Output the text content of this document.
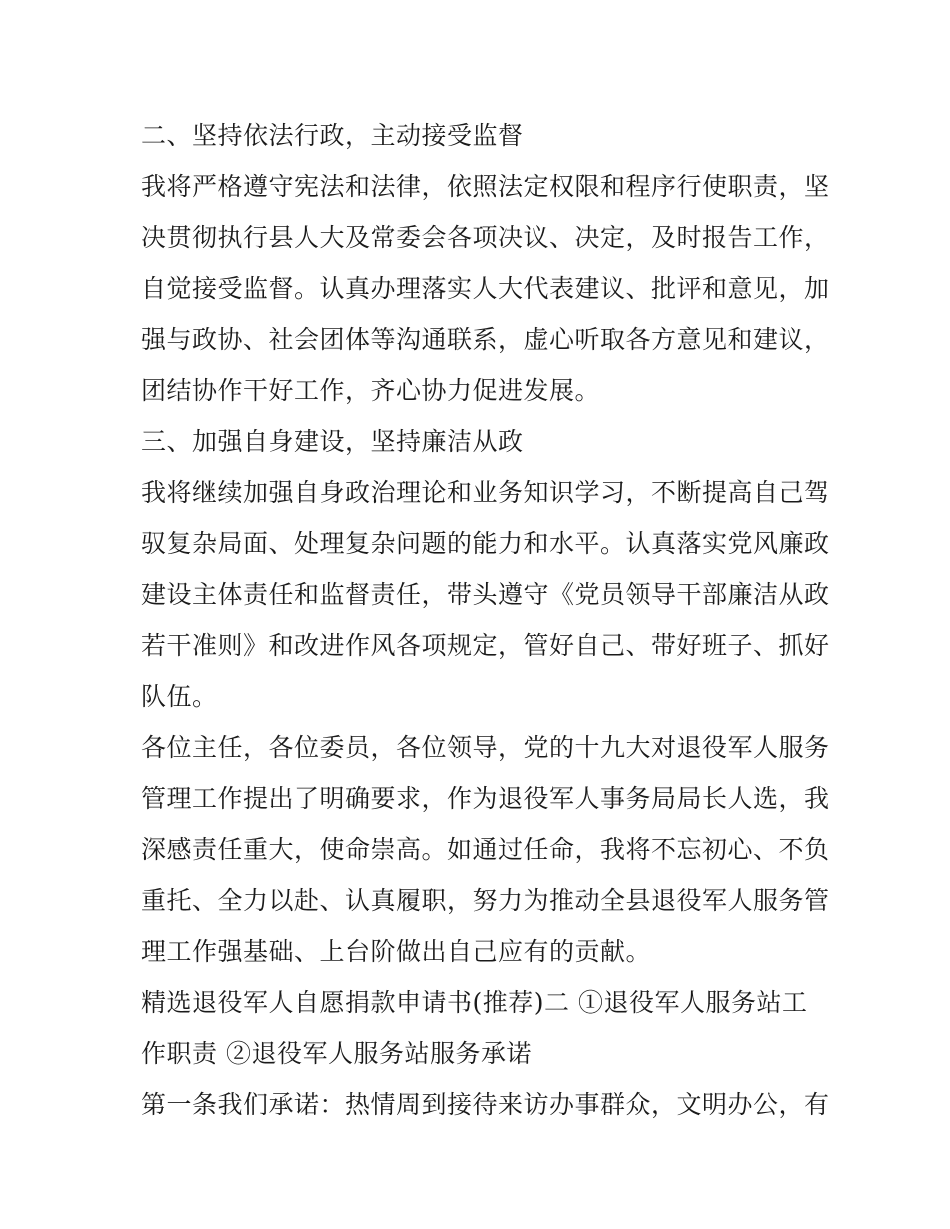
二、坚持依法行政，主动接受监督
我将严格遵守宪法和法律，依照法定权限和程序行使职责，坚
决贯彻执行县人大及常委会各项决议、决定，及时报告工作，
自觉接受监督。认真办理落实人大代表建议、批评和意见，加
强与政协、社会团体等沟通联系，虚心听取各方意见和建议，
团结协作干好工作，齐心协力促进发展。
三、加强自身建设，坚持廉洁从政
我将继续加强自身政治理论和业务知识学习，不断提高自己驾
驭复杂局面、处理复杂问题的能力和水平。认真落实党风廉政
建设主体责任和监督责任，带头遵守《党员领导干部廉洁从政
若干准则》和改进作风各项规定，管好自己、带好班子、抓好
队伍。
各位主任，各位委员，各位领导，党的十九大对退役军人服务
管理工作提出了明确要求，作为退役军人事务局局长人选，我
深感责任重大，使命崇高。如通过任命，我将不忘初心、不负
重托、全力以赴、认真履职，努力为推动全县退役军人服务管
理工作强基础、上台阶做出自己应有的贡献。
精选退役军人自愿捐款申请书(推荐)二 ①退役军人服务站工
作职责 ②退役军人服务站服务承诺
第一条我们承诺：热情周到接待来访办事群众，文明办公，有
